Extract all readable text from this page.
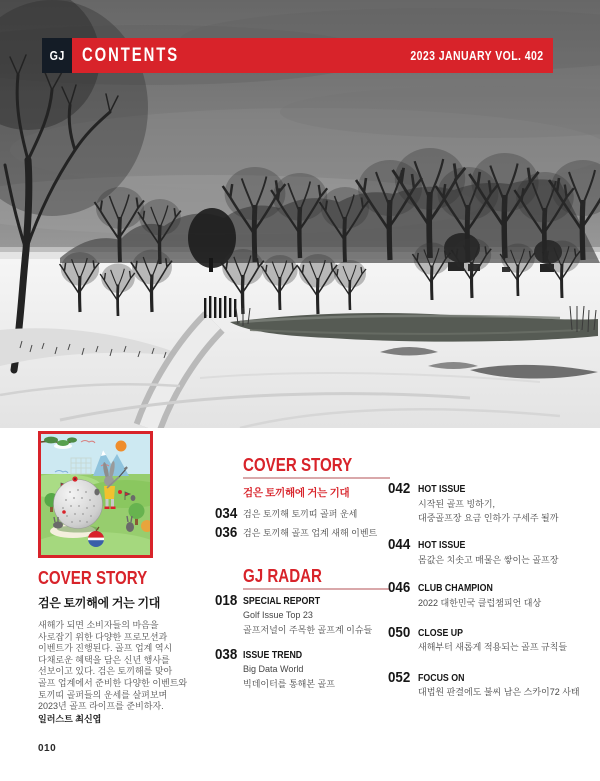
GJ CONTENTS	2023 JANUARY VOL. 402
COVER STORY
검은 토끼해에 거는 기대
새해가 되면 소비자들의 마음을
사로잡기 위한 다양한 프로모션과
이벤트가 진행된다. 골프 업계 역시
다채로운 혜택을 담은 신년 행사를
선보이고 있다. 검은 토끼해를 맞아
골프 업계에서 준비한 다양한 이벤트와
토끼띠 골퍼들의 운세를 살펴보며
2023년 골프 라이프를 준비하자.
일러스트 최신엽
010
COVER STORY
검은 토끼해에 거는 기대
034 검은 토끼해 토끼띠 골퍼 운세
036 검은 토끼해 골프 업계 새해 이벤트
GJ RADAR
018 SPECIAL REPORT
Golf Issue Top 23
골프저널이 주목한 골프계 이슈들
038 ISSUE TREND
Big Data World
빅데이터를 통해본 골프
042 HOT ISSUE
시작된 골프 빙하기,
대중골프장 요금 인하가 구세주 될까
044 HOT ISSUE
몸값은 치솟고 매물은 쌓이는 골프장
046 CLUB CHAMPION
2022 대한민국 클럽챔피언 대상
050 CLOSE UP
새해부터 새롭게 적용되는 골프 규칙들
052 FOCUS ON
대법원 판결에도 불씨 남은 스카이72 사태
